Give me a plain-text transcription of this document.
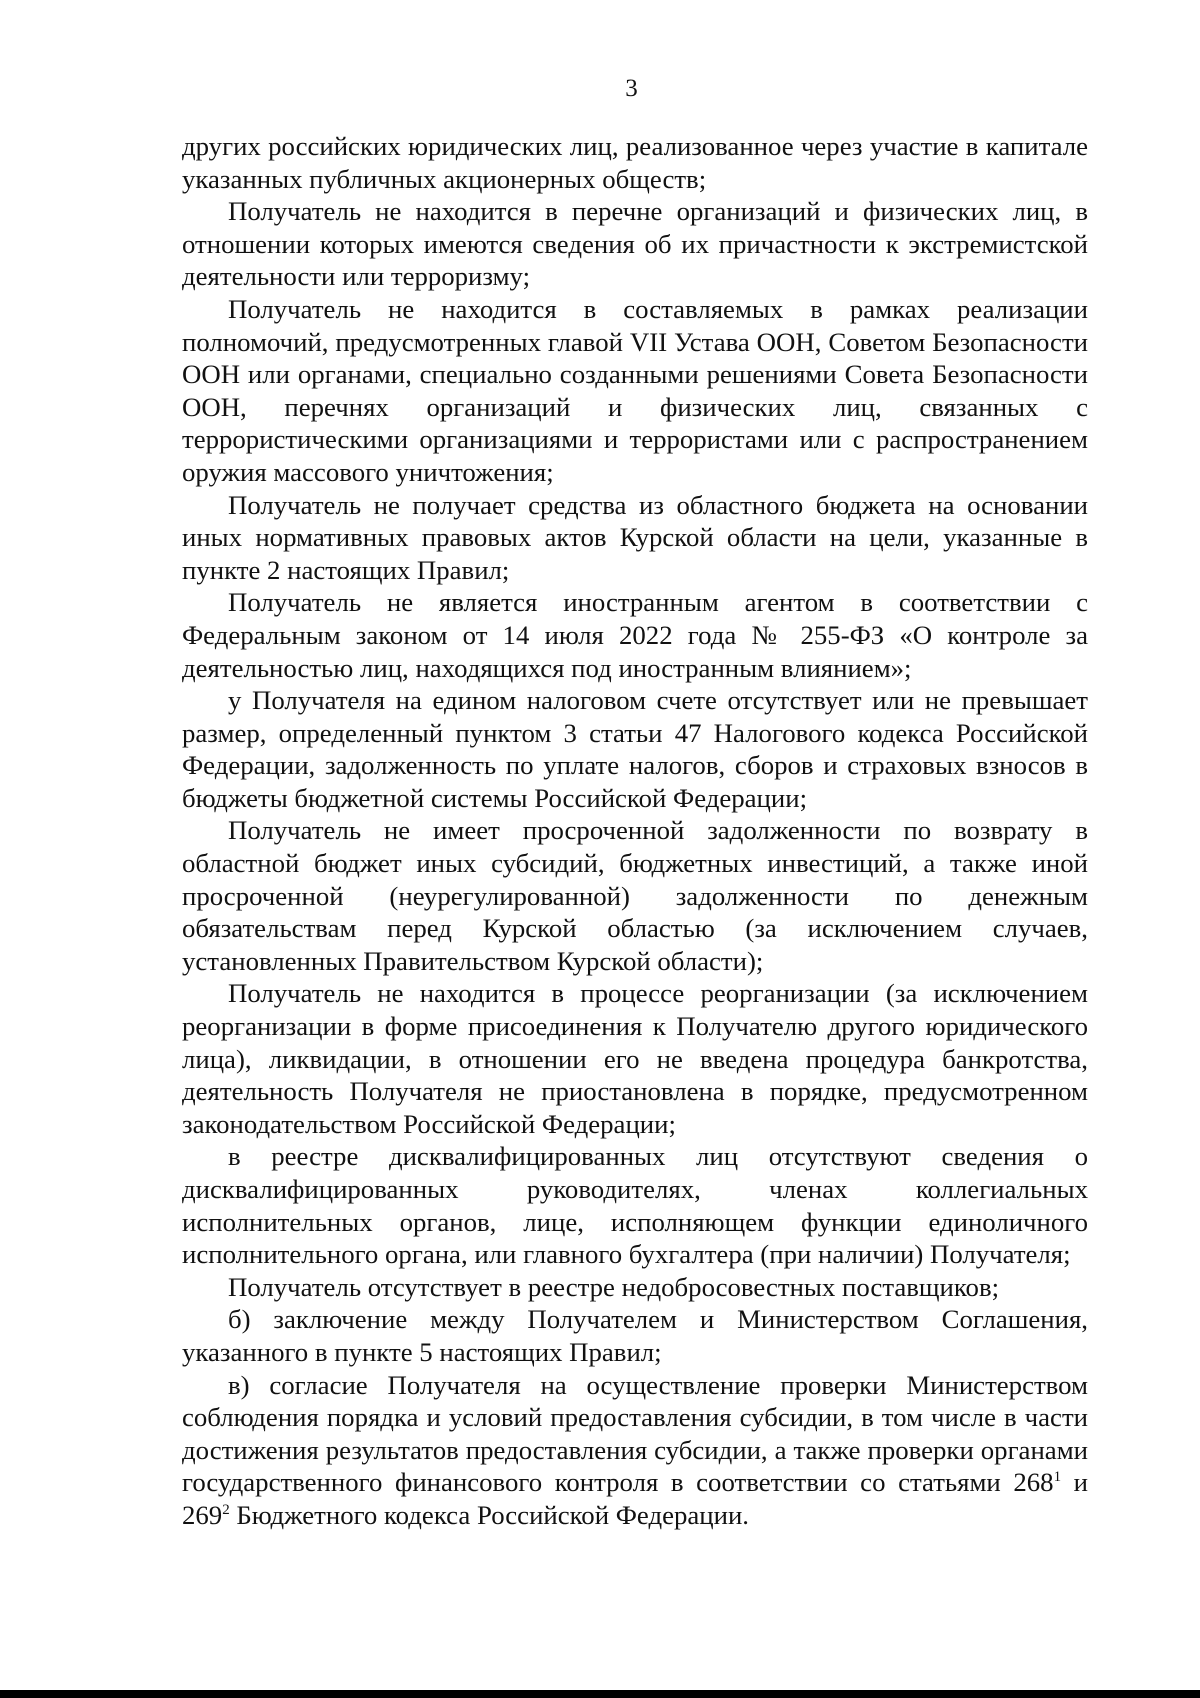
3

других российских юридических лиц, реализованное через участие в капитале указанных публичных акционерных обществ;

Получатель не находится в перечне организаций и физических лиц, в отношении которых имеются сведения об их причастности к экстремистской деятельности или терроризму;

Получатель не находится в составляемых в рамках реализации полномочий, предусмотренных главой VII Устава ООН, Советом Безопасности ООН или органами, специально созданными решениями Совета Безопасности ООН, перечнях организаций и физических лиц, связанных с террористическими организациями и террористами или с распространением оружия массового уничтожения;

Получатель не получает средства из областного бюджета на основании иных нормативных правовых актов Курской области на цели, указанные в пункте 2 настоящих Правил;

Получатель не является иностранным агентом в соответствии с Федеральным законом от 14 июля 2022 года № 255-ФЗ «О контроле за деятельностью лиц, находящихся под иностранным влиянием»;

у Получателя на едином налоговом счете отсутствует или не превышает размер, определенный пунктом 3 статьи 47 Налогового кодекса Российской Федерации, задолженность по уплате налогов, сборов и страховых взносов в бюджеты бюджетной системы Российской Федерации;

Получатель не имеет просроченной задолженности по возврату в областной бюджет иных субсидий, бюджетных инвестиций, а также иной просроченной (неурегулированной) задолженности по денежным обязательствам перед Курской областью (за исключением случаев, установленных Правительством Курской области);

Получатель не находится в процессе реорганизации (за исключением реорганизации в форме присоединения к Получателю другого юридического лица), ликвидации, в отношении его не введена процедура банкротства, деятельность Получателя не приостановлена в порядке, предусмотренном законодательством Российской Федерации;

в реестре дисквалифицированных лиц отсутствуют сведения о дисквалифицированных руководителях, членах коллегиальных исполнительных органов, лице, исполняющем функции единоличного исполнительного органа, или главного бухгалтера (при наличии) Получателя;

Получатель отсутствует в реестре недобросовестных поставщиков;

б) заключение между Получателем и Министерством Соглашения, указанного в пункте 5 настоящих Правил;

в) согласие Получателя на осуществление проверки Министерством соблюдения порядка и условий предоставления субсидии, в том числе в части достижения результатов предоставления субсидии, а также проверки органами государственного финансового контроля в соответствии со статьями $268^1$ и $269^2$ Бюджетного кодекса Российской Федерации.
